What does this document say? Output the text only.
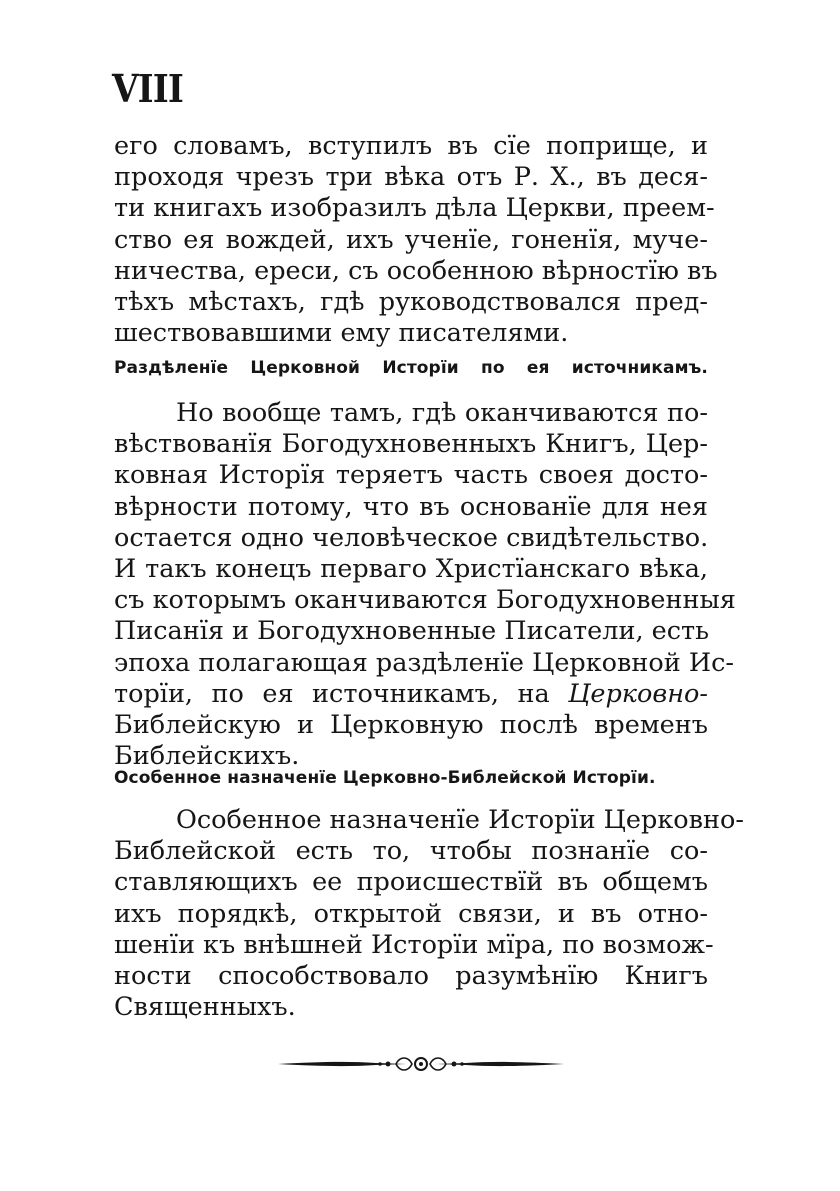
VIII
его словамъ, вступилъ въ сїе поприще, и
проходя чрезъ три вѣка отъ Р. Х., въ деся-
ти книгахъ изобразилъ дѣла Церкви, преем-
ство ея вождей, ихъ ученїе, гоненїя, муче-
ничества, ереси, съ особенною вѣрностїю въ
тѣхъ мѣстахъ, гдѣ руководствовался пред-
шествовавшими ему писателями.
Раздѣленїе Церковной Исторїи по ея источникамъ.
Но вообще тамъ, гдѣ оканчиваются по-
вѣствованїя Богодухновенныхъ Книгъ, Цер-
ковная Исторїя теряетъ часть своея досто-
вѣрности потому, что въ основанїе для нея
остается одно человѣческое свидѣтельство.
И такъ конецъ перваго Христїанскаго вѣка,
съ которымъ оканчиваются Богодухновенныя
Писанїя и Богодухновенные Писатели, есть
эпоха полагающая раздѣленїе Церковной Ис-
торїи, по ея источникамъ, на Церковно-
Библейскую и Церковную послѣ временъ
Библейскихъ.
Особенное назначенїе Церковно-Библейской Исторїи.
Особенное назначенїе Исторїи Церковно-
Библейской есть то, чтобы познанїе со-
ставляющихъ ее происшествїй въ общемъ
ихъ порядкѣ, открытой связи, и въ отно-
шенїи къ внѣшней Исторїи мїра, по возмож-
ности способствовало разумѣнїю Книгъ
Священныхъ.
